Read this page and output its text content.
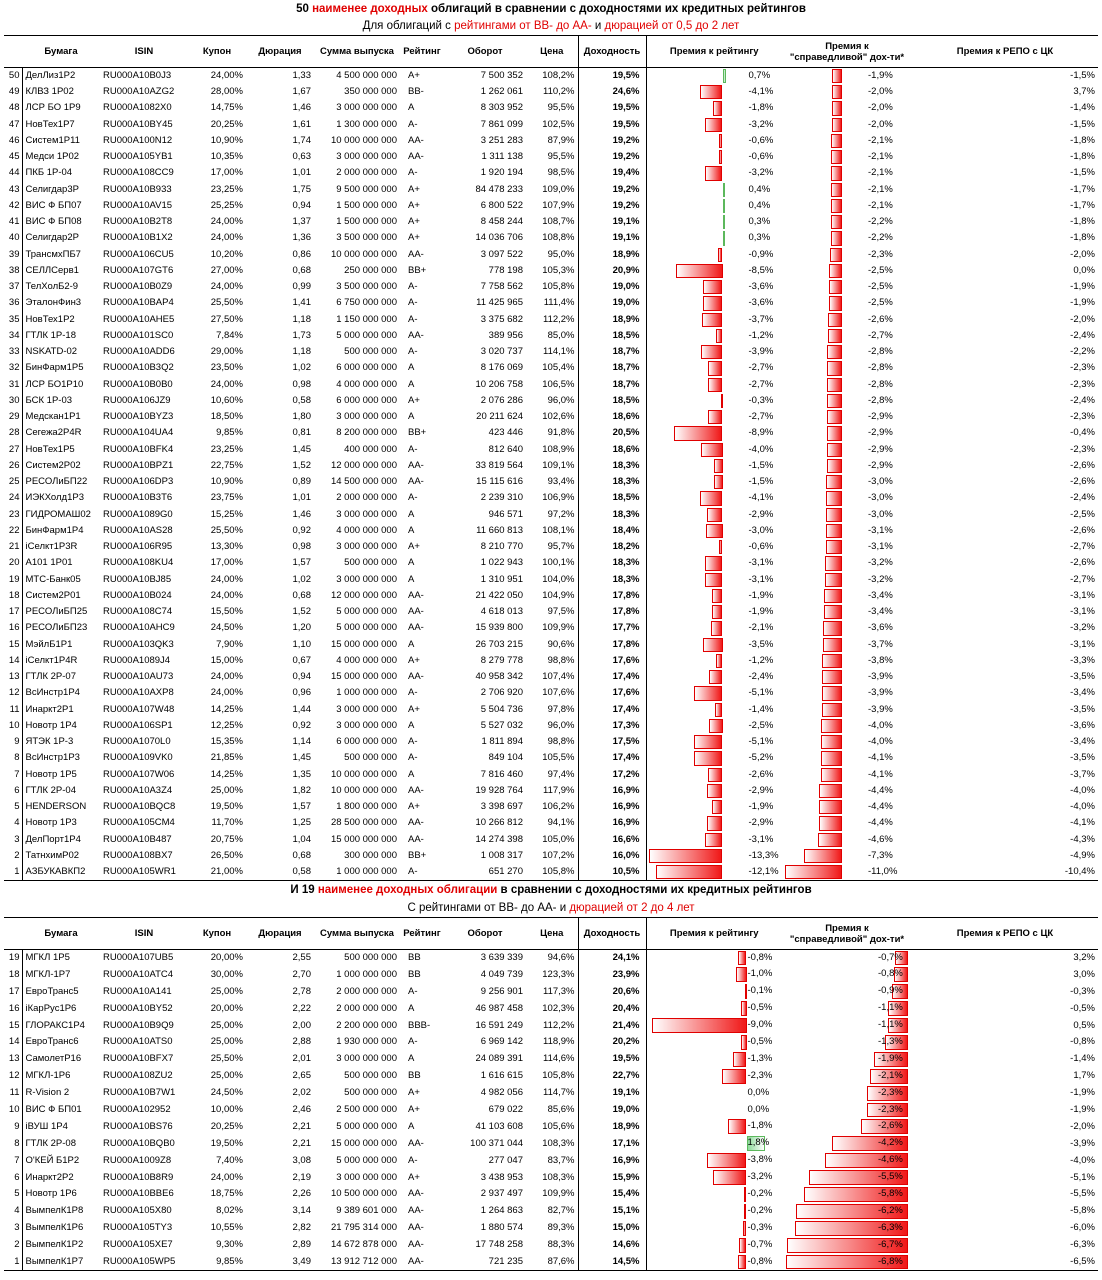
50 наименее доходных облигаций в сравнении с доходностями их кредитных рейтингов
Для облигаций с рейтингами от BB- до AA- и дюрацией от 0,5 до 2 лет
	Бумага	ISIN	Купон	Дюрация	Сумма выпуска	Рейтинг	Оборот	Цена	Доходность	Премия к рейтингу	Премия к
"справедливой" дох-ти*	Премия к РЕПО с ЦК
50	ДелЛиз1Р2	RU000A10B0J3	24,00%	1,33	4 500 000 000	A+	7 500 352	108,2%	19,5%	0,7%	-1,9%	-1,5%
49	КЛВЗ 1Р02	RU000A10AZG2	28,00%	1,67	350 000 000	BB-	1 262 061	110,2%	24,6%	-4,1%	-2,0%	3,7%
48	ЛСР БО 1Р9	RU000A1082X0	14,75%	1,46	3 000 000 000	A	8 303 952	95,5%	19,5%	-1,8%	-2,0%	-1,4%
47	НовТех1Р7	RU000A10BY45	20,25%	1,61	1 300 000 000	A-	7 861 099	102,5%	19,5%	-3,2%	-2,0%	-1,5%
46	Систем1Р11	RU000A100N12	10,90%	1,74	10 000 000 000	AA-	3 251 283	87,9%	19,2%	-0,6%	-2,1%	-1,8%
45	Медси 1Р02	RU000A105YB1	10,35%	0,63	3 000 000 000	AA-	1 311 138	95,5%	19,2%	-0,6%	-2,1%	-1,8%
44	ПКБ 1Р-04	RU000A108CC9	17,00%	1,01	2 000 000 000	A-	1 920 194	98,5%	19,4%	-3,2%	-2,1%	-1,5%
43	Селигдар3Р	RU000A10B933	23,25%	1,75	9 500 000 000	A+	84 478 233	109,0%	19,2%	0,4%	-2,1%	-1,7%
42	ВИС Ф БП07	RU000A10AV15	25,25%	0,94	1 500 000 000	A+	6 800 522	107,9%	19,2%	0,4%	-2,1%	-1,7%
41	ВИС Ф БП08	RU000A10B2T8	24,00%	1,37	1 500 000 000	A+	8 458 244	108,7%	19,1%	0,3%	-2,2%	-1,8%
40	Селигдар2Р	RU000A10B1X2	24,00%	1,36	3 500 000 000	A+	14 036 706	108,8%	19,1%	0,3%	-2,2%	-1,8%
39	ТрансмхПБ7	RU000A106CU5	10,20%	0,86	10 000 000 000	AA-	3 097 522	95,0%	18,9%	-0,9%	-2,3%	-2,0%
38	СЕЛЛСерв1	RU000A107GT6	27,00%	0,68	250 000 000	BB+	778 198	105,3%	20,9%	-8,5%	-2,5%	0,0%
37	ТелХолБ2-9	RU000A10B0Z9	24,00%	0,99	3 500 000 000	A-	7 758 562	105,8%	19,0%	-3,6%	-2,5%	-1,9%
36	ЭталонФин3	RU000A10BAP4	25,50%	1,41	6 750 000 000	A-	11 425 965	111,4%	19,0%	-3,6%	-2,5%	-1,9%
35	НовТех1Р2	RU000A10AHE5	27,50%	1,18	1 150 000 000	A-	3 375 682	112,2%	18,9%	-3,7%	-2,6%	-2,0%
34	ГТЛК 1Р-18	RU000A101SC0	7,84%	1,73	5 000 000 000	AA-	389 956	85,0%	18,5%	-1,2%	-2,7%	-2,4%
33	NSKATD-02	RU000A10ADD6	29,00%	1,18	500 000 000	A-	3 020 737	114,1%	18,7%	-3,9%	-2,8%	-2,2%
32	БинФарм1Р5	RU000A10B3Q2	23,50%	1,02	6 000 000 000	A	8 176 069	105,4%	18,7%	-2,7%	-2,8%	-2,3%
31	ЛСР БО1Р10	RU000A10B0B0	24,00%	0,98	4 000 000 000	A	10 206 758	106,5%	18,7%	-2,7%	-2,8%	-2,3%
30	БСК 1Р-03	RU000A106JZ9	10,60%	0,58	6 000 000 000	A+	2 076 286	96,0%	18,5%	-0,3%	-2,8%	-2,4%
29	Медскан1Р1	RU000A10BYZ3	18,50%	1,80	3 000 000 000	A	20 211 624	102,6%	18,6%	-2,7%	-2,9%	-2,3%
28	Сегежа2Р4R	RU000A104UA4	9,85%	0,81	8 200 000 000	BB+	423 446	91,8%	20,5%	-8,9%	-2,9%	-0,4%
27	НовТех1Р5	RU000A10BFK4	23,25%	1,45	400 000 000	A-	812 640	108,9%	18,6%	-4,0%	-2,9%	-2,3%
26	Систем2Р02	RU000A10BPZ1	22,75%	1,52	12 000 000 000	AA-	33 819 564	109,1%	18,3%	-1,5%	-2,9%	-2,6%
25	РЕСОЛиБП22	RU000A106DP3	10,90%	0,89	14 500 000 000	AA-	15 115 616	93,4%	18,3%	-1,5%	-3,0%	-2,6%
24	ИЭКХолд1Р3	RU000A10B3T6	23,75%	1,01	2 000 000 000	A-	2 239 310	106,9%	18,5%	-4,1%	-3,0%	-2,4%
23	ГИДРОМАШ02	RU000A1089G0	15,25%	1,46	3 000 000 000	A	946 571	97,2%	18,3%	-2,9%	-3,0%	-2,5%
22	БинФарм1Р4	RU000A10AS28	25,50%	0,92	4 000 000 000	A	11 660 813	108,1%	18,4%	-3,0%	-3,1%	-2,6%
21	iСелкт1Р3R	RU000A106R95	13,30%	0,98	3 000 000 000	A+	8 210 770	95,7%	18,2%	-0,6%	-3,1%	-2,7%
20	А101 1Р01	RU000A108KU4	17,00%	1,57	500 000 000	A	1 022 943	100,1%	18,3%	-3,1%	-3,2%	-2,6%
19	МТС-Банк05	RU000A10BJ85	24,00%	1,02	3 000 000 000	A	1 310 951	104,0%	18,3%	-3,1%	-3,2%	-2,7%
18	Систем2Р01	RU000A10B024	24,00%	0,68	12 000 000 000	AA-	21 422 050	104,9%	17,8%	-1,9%	-3,4%	-3,1%
17	РЕСОЛиБП25	RU000A108C74	15,50%	1,52	5 000 000 000	AA-	4 618 013	97,5%	17,8%	-1,9%	-3,4%	-3,1%
16	РЕСОЛиБП23	RU000A10AHC9	24,50%	1,20	5 000 000 000	AA-	15 939 800	109,9%	17,7%	-2,1%	-3,6%	-3,2%
15	МэйлБ1Р1	RU000A103QK3	7,90%	1,10	15 000 000 000	A	26 703 215	90,6%	17,8%	-3,5%	-3,7%	-3,1%
14	iСелкт1Р4R	RU000A1089J4	15,00%	0,67	4 000 000 000	A+	8 279 778	98,8%	17,6%	-1,2%	-3,8%	-3,3%
13	ГТЛК 2Р-07	RU000A10AU73	24,00%	0,94	15 000 000 000	AA-	40 958 342	107,4%	17,4%	-2,4%	-3,9%	-3,5%
12	ВсИнстр1Р4	RU000A10AXP8	24,00%	0,96	1 000 000 000	A-	2 706 920	107,6%	17,6%	-5,1%	-3,9%	-3,4%
11	Инаркт2Р1	RU000A107W48	14,25%	1,44	3 000 000 000	A+	5 504 736	97,8%	17,4%	-1,4%	-3,9%	-3,5%
10	Новотр 1Р4	RU000A106SP1	12,25%	0,92	3 000 000 000	A	5 527 032	96,0%	17,3%	-2,5%	-4,0%	-3,6%
9	ЯТЭК 1Р-3	RU000A1070L0	15,35%	1,14	6 000 000 000	A-	1 811 894	98,8%	17,5%	-5,1%	-4,0%	-3,4%
8	ВсИнстр1Р3	RU000A109VK0	21,85%	1,45	500 000 000	A-	849 104	105,5%	17,4%	-5,2%	-4,1%	-3,5%
7	Новотр 1Р5	RU000A107W06	14,25%	1,35	10 000 000 000	A	7 816 460	97,4%	17,2%	-2,6%	-4,1%	-3,7%
6	ГТЛК 2Р-04	RU000A10A3Z4	25,00%	1,82	10 000 000 000	AA-	19 928 764	117,9%	16,9%	-2,9%	-4,4%	-4,0%
5	HENDERSON	RU000A10BQC8	19,50%	1,57	1 800 000 000	A+	3 398 697	106,2%	16,9%	-1,9%	-4,4%	-4,0%
4	Новотр 1Р3	RU000A105CM4	11,70%	1,25	28 500 000 000	AA-	10 266 812	94,1%	16,9%	-2,9%	-4,4%	-4,1%
3	ДелПорт1Р4	RU000A10B487	20,75%	1,04	15 000 000 000	AA-	14 274 398	105,0%	16,6%	-3,1%	-4,6%	-4,3%
2	ТатнхимР02	RU000A108BX7	26,50%	0,68	300 000 000	BB+	1 008 317	107,2%	16,0%	-13,3%	-7,3%	-4,9%
1	АЗБУКАВКП2	RU000A105WR1	21,00%	0,58	1 000 000 000	A-	651 270	105,8%	10,5%	-12,1%	-11,0%	-10,4%
И 19 наименее доходных облигации в сравнении с доходностями их кредитных рейтингов
С рейтингами от BB- до AA- и дюрацией от 2 до 4 лет
	Бумага	ISIN	Купон	Дюрация	Сумма выпуска	Рейтинг	Оборот	Цена	Доходность	Премия к рейтингу	Премия к
"справедливой" дох-ти*	Премия к РЕПО с ЦК
19	МГКЛ 1Р5	RU000A107UB5	20,00%	2,55	500 000 000	BB	3 639 339	94,6%	24,1%	-0,8%	-0,7%	3,2%
18	МГКЛ-1Р7	RU000A10ATC4	30,00%	2,70	1 000 000 000	BB	4 049 739	123,3%	23,9%	-1,0%	-0,8%	3,0%
17	ЕвроТранс5	RU000A10A141	25,00%	2,78	2 000 000 000	A-	9 256 901	117,3%	20,6%	-0,1%	-0,9%	-0,3%
16	iКарРус1Р6	RU000A10BY52	20,00%	2,22	2 000 000 000	A	46 987 458	102,3%	20,4%	-0,5%	-1,1%	-0,5%
15	ГЛОРАКС1Р4	RU000A10B9Q9	25,00%	2,00	2 200 000 000	BBB-	16 591 249	112,2%	21,4%	-9,0%	-1,1%	0,5%
14	ЕвроТранс6	RU000A10ATS0	25,00%	2,88	1 930 000 000	A-	6 969 142	118,9%	20,2%	-0,5%	-1,3%	-0,8%
13	СамолетР16	RU000A10BFX7	25,50%	2,01	3 000 000 000	A	24 089 391	114,6%	19,5%	-1,3%	-1,9%	-1,4%
12	МГКЛ-1Р6	RU000A108ZU2	25,00%	2,65	500 000 000	BB	1 616 615	105,8%	22,7%	-2,3%	-2,1%	1,7%
11	R-Vision 2	RU000A10B7W1	24,50%	2,02	500 000 000	A+	4 982 056	114,7%	19,1%	0,0%	-2,3%	-1,9%
10	ВИС Ф БП01	RU000A102952	10,00%	2,46	2 500 000 000	A+	679 022	85,6%	19,0%	0,0%	-2,3%	-1,9%
9	iВУШ 1Р4	RU000A10BS76	20,25%	2,21	5 000 000 000	A	41 103 608	105,6%	18,9%	-1,8%	-2,6%	-2,0%
8	ГТЛК 2Р-08	RU000A10BQB0	19,50%	2,21	15 000 000 000	AA-	100 371 044	108,3%	17,1%	1,8%	-4,2%	-3,9%
7	О'КЕЙ Б1Р2	RU000A1009Z8	7,40%	3,08	5 000 000 000	A-	277 047	83,7%	16,9%	-3,8%	-4,6%	-4,0%
6	Инаркт2Р2	RU000A10B8R9	24,00%	2,19	3 000 000 000	A+	3 438 953	108,3%	15,9%	-3,2%	-5,5%	-5,1%
5	Новотр 1Р6	RU000A10BBE6	18,75%	2,26	10 500 000 000	AA-	2 937 497	109,9%	15,4%	-0,2%	-5,8%	-5,5%
4	ВымпелК1Р8	RU000A105X80	8,02%	3,14	9 389 601 000	AA-	1 264 863	82,7%	15,1%	-0,2%	-6,2%	-5,8%
3	ВымпелК1Р6	RU000A105TY3	10,55%	2,82	21 795 314 000	AA-	1 880 574	89,3%	15,0%	-0,3%	-6,3%	-6,0%
2	ВымпелК1Р2	RU000A105XE7	9,30%	2,89	14 672 878 000	AA-	17 748 258	88,3%	14,6%	-0,7%	-6,7%	-6,3%
1	ВымпелК1Р7	RU000A105WP5	9,85%	3,49	13 912 712 000	AA-	721 235	87,6%	14,5%	-0,8%	-6,8%	-6,5%
